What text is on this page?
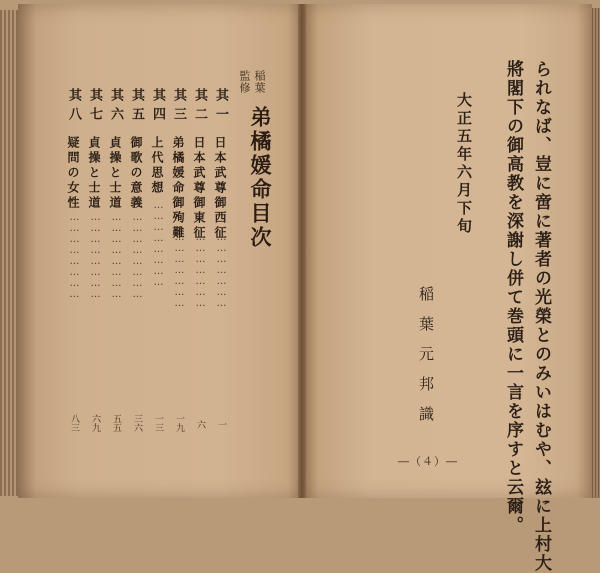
稲葉
監修
弟橘媛命目次
其一
日本武尊御西征
…………………
一
其二
日本武尊御東征
…………………
六
其三
弟橘媛命御殉難
…………………
一九
其四
上代思想
……………………
一三
其五
御歌の意義
……………………
三六
其六
貞操と士道
……………………
五五
其七
貞操と士道
……………………
六九
其八
疑問の女性
……………………
八三	られなば、豈に啻に著者の光榮とのみいはむや、玆に上村大
將閣下の御高教を深謝し併て巻頭に一言を序すと云爾。
大正五年六月下旬
稲葉元邦識
―（４）―
